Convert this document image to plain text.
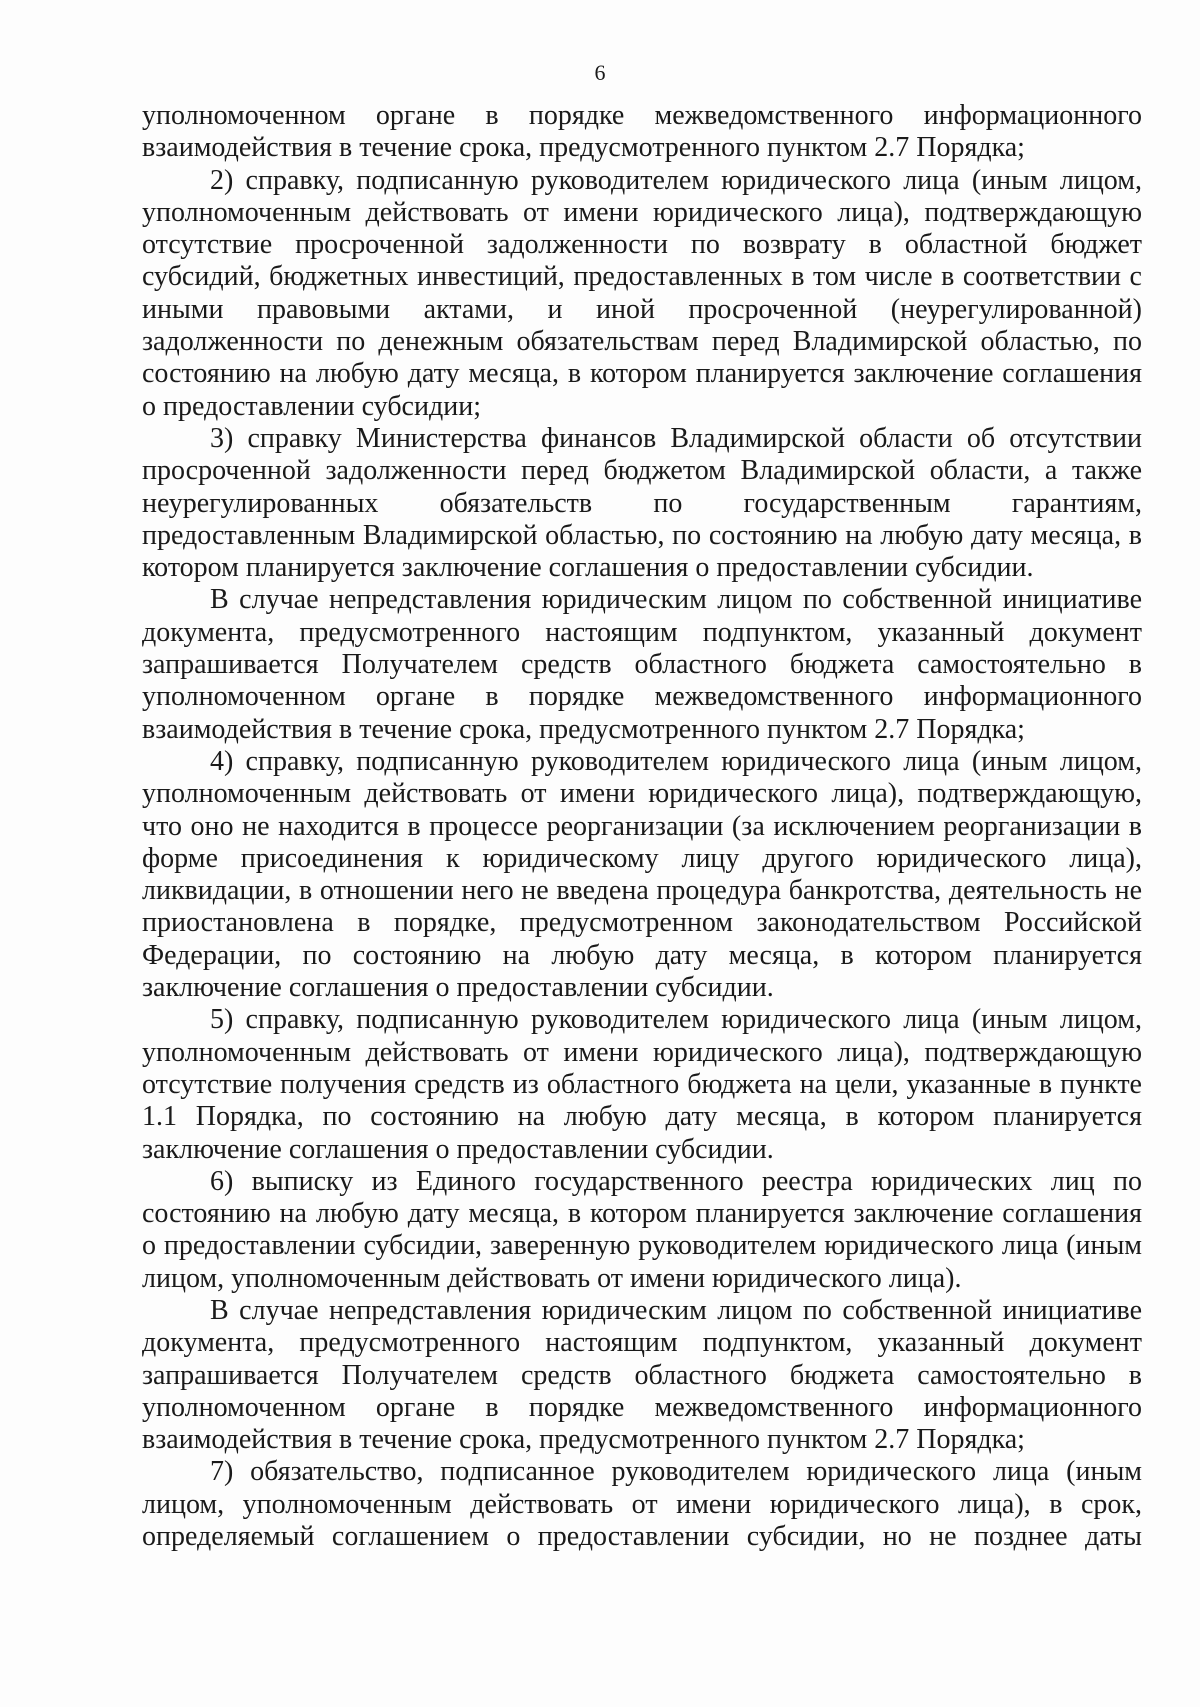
6

уполномоченном органе в порядке межведомственного информационного взаимодействия в течение срока, предусмотренного пунктом 2.7 Порядка;

2) справку, подписанную руководителем юридического лица (иным лицом, уполномоченным действовать от имени юридического лица), подтверждающую отсутствие просроченной задолженности по возврату в областной бюджет субсидий, бюджетных инвестиций, предоставленных в том числе в соответствии с иными правовыми актами, и иной просроченной (неурегулированной) задолженности по денежным обязательствам перед Владимирской областью, по состоянию на любую дату месяца, в котором планируется заключение соглашения о предоставлении субсидии;

3) справку Министерства финансов Владимирской области об отсутствии просроченной задолженности перед бюджетом Владимирской области, а также неурегулированных обязательств по государственным гарантиям, предоставленным Владимирской областью, по состоянию на любую дату месяца, в котором планируется заключение соглашения о предоставлении субсидии.

В случае непредставления юридическим лицом по собственной инициативе документа, предусмотренного настоящим подпунктом, указанный документ запрашивается Получателем средств областного бюджета самостоятельно в уполномоченном органе в порядке межведомственного информационного взаимодействия в течение срока, предусмотренного пунктом 2.7 Порядка;

4) справку, подписанную руководителем юридического лица (иным лицом, уполномоченным действовать от имени юридического лица), подтверждающую, что оно не находится в процессе реорганизации (за исключением реорганизации в форме присоединения к юридическому лицу другого юридического лица), ликвидации, в отношении него не введена процедура банкротства, деятельность не приостановлена в порядке, предусмотренном законодательством Российской Федерации, по состоянию на любую дату месяца, в котором планируется заключение соглашения о предоставлении субсидии.

5) справку, подписанную руководителем юридического лица (иным лицом, уполномоченным действовать от имени юридического лица), подтверждающую отсутствие получения средств из областного бюджета на цели, указанные в пункте 1.1 Порядка, по состоянию на любую дату месяца, в котором планируется заключение соглашения о предоставлении субсидии.

6) выписку из Единого государственного реестра юридических лиц по состоянию на любую дату месяца, в котором планируется заключение соглашения о предоставлении субсидии, заверенную руководителем юридического лица (иным лицом, уполномоченным действовать от имени юридического лица).

В случае непредставления юридическим лицом по собственной инициативе документа, предусмотренного настоящим подпунктом, указанный документ запрашивается Получателем средств областного бюджета самостоятельно в уполномоченном органе в порядке межведомственного информационного взаимодействия в течение срока, предусмотренного пунктом 2.7 Порядка;

7) обязательство, подписанное руководителем юридического лица (иным лицом, уполномоченным действовать от имени юридического лица), в срок, определяемый соглашением о предоставлении субсидии, но не позднее даты
